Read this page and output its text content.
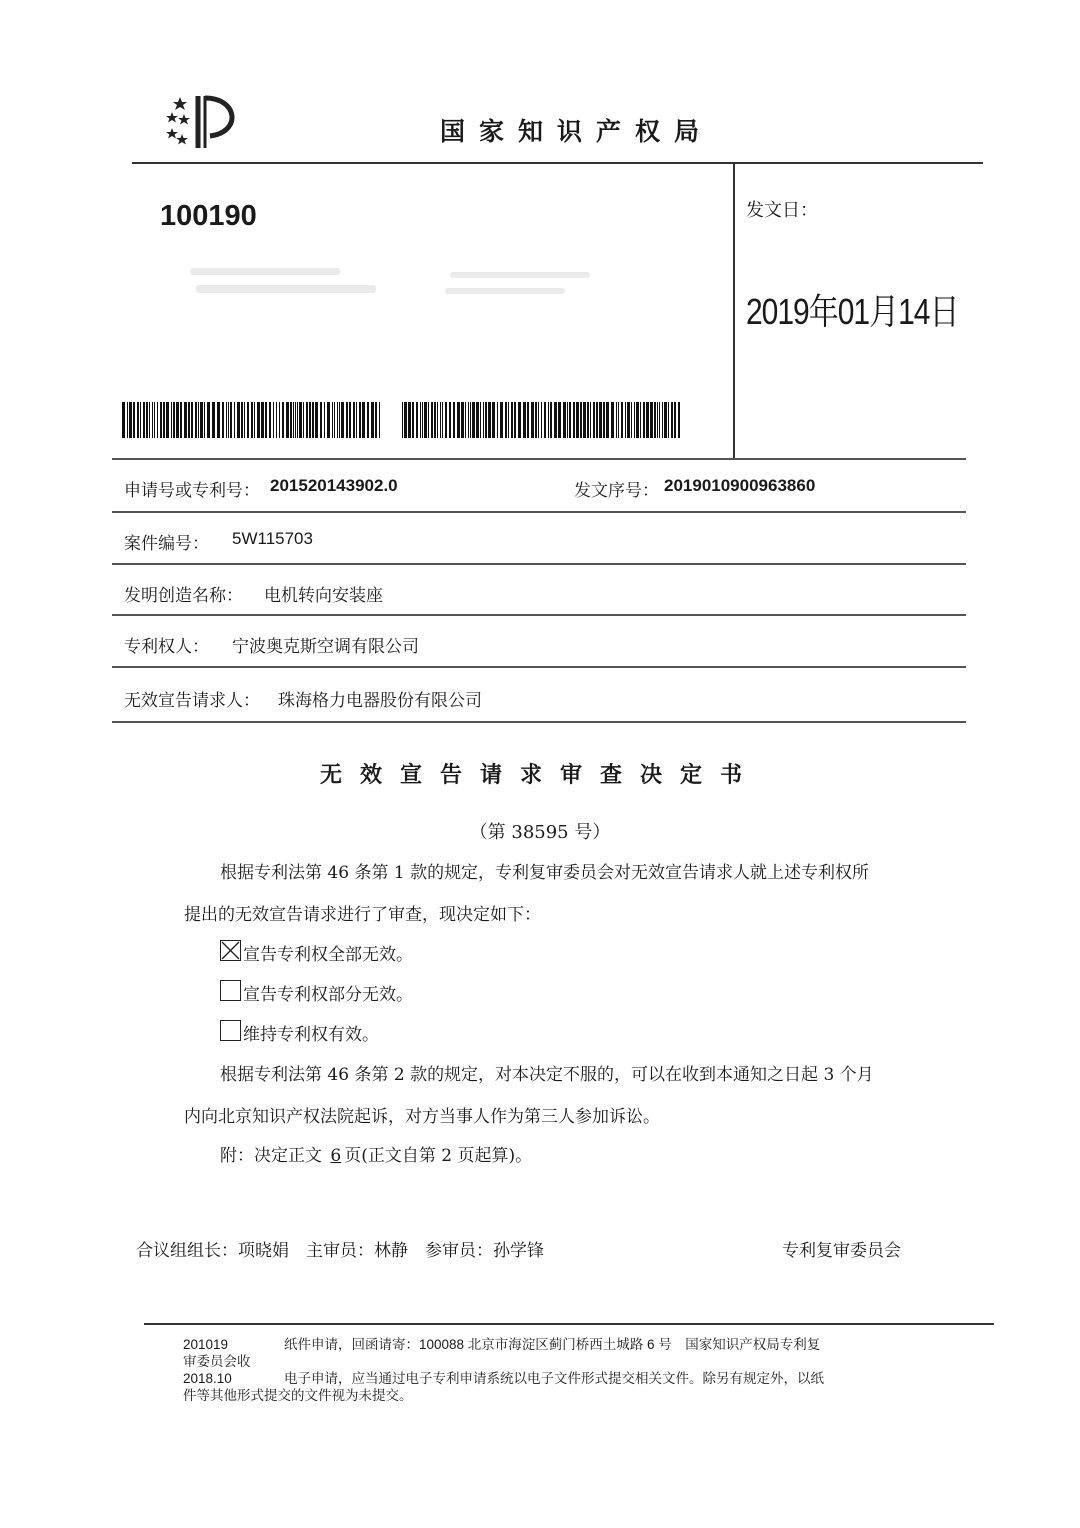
国家知识产权局
100190	发文日：
2019年01月14日
申请号或专利号： 201520143902.0	发文序号： 2019010900963860
案件编号： 5W115703
发明创造名称： 电机转向安装座
专利权人： 宁波奥克斯空调有限公司
无效宣告请求人： 珠海格力电器股份有限公司
无效宣告请求审查决定书
（第 38595 号）
根据专利法第 46 条第 1 款的规定，专利复审委员会对无效宣告请求人就上述专利权所
提出的无效宣告请求进行了审查，现决定如下：
宣告专利权全部无效。
宣告专利权部分无效。
维持专利权有效。
根据专利法第 46 条第 2 款的规定，对本决定不服的，可以在收到本通知之日起 3 个月
内向北京知识产权法院起诉，对方当事人作为第三人参加诉讼。
附：决定正文 6 页(正文自第 2 页起算)。
合议组组长：项晓娟　主审员：林静　参审员：孙学锋	专利复审委员会
201019	纸件申请，回函请寄：100088 北京市海淀区蓟门桥西土城路 6 号　国家知识产权局专利复
审委员会收
2018.10	电子申请，应当通过电子专利申请系统以电子文件形式提交相关文件。除另有规定外，以纸
件等其他形式提交的文件视为未提交。
